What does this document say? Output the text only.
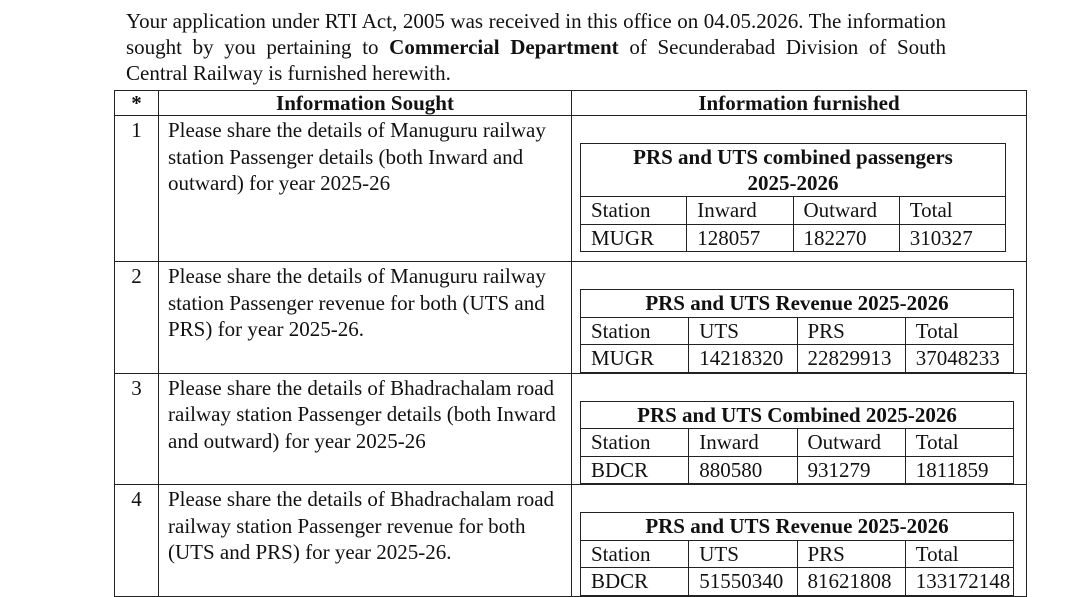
Your application under RTI Act, 2005 was received in this office on 04.05.2026. The information sought by you pertaining to Commercial Department of Secunderabad Division of South Central Railway is furnished herewith.
*	Information Sought	Information furnished
1	Please share the details of Manuguru railway station Passenger details (both Inward and outward) for year 2025-26	
PRS and UTS combined passengers 2025-2026
Station	Inward	Outward	Total
MUGR	128057	182270	310327

2	Please share the details of Manuguru railway station Passenger revenue for both (UTS and PRS) for year 2025-26.	
PRS and UTS Revenue 2025-2026
Station	UTS	PRS	Total
MUGR	14218320	22829913	37048233

3	Please share the details of Bhadrachalam road railway station Passenger details (both Inward and outward) for year 2025-26	
PRS and UTS Combined 2025-2026
Station	Inward	Outward	Total
BDCR	880580	931279	1811859

4	Please share the details of Bhadrachalam road railway station Passenger revenue for both (UTS and PRS) for year 2025-26.	
PRS and UTS Revenue 2025-2026
Station	UTS	PRS	Total
BDCR	51550340	81621808	133172148
